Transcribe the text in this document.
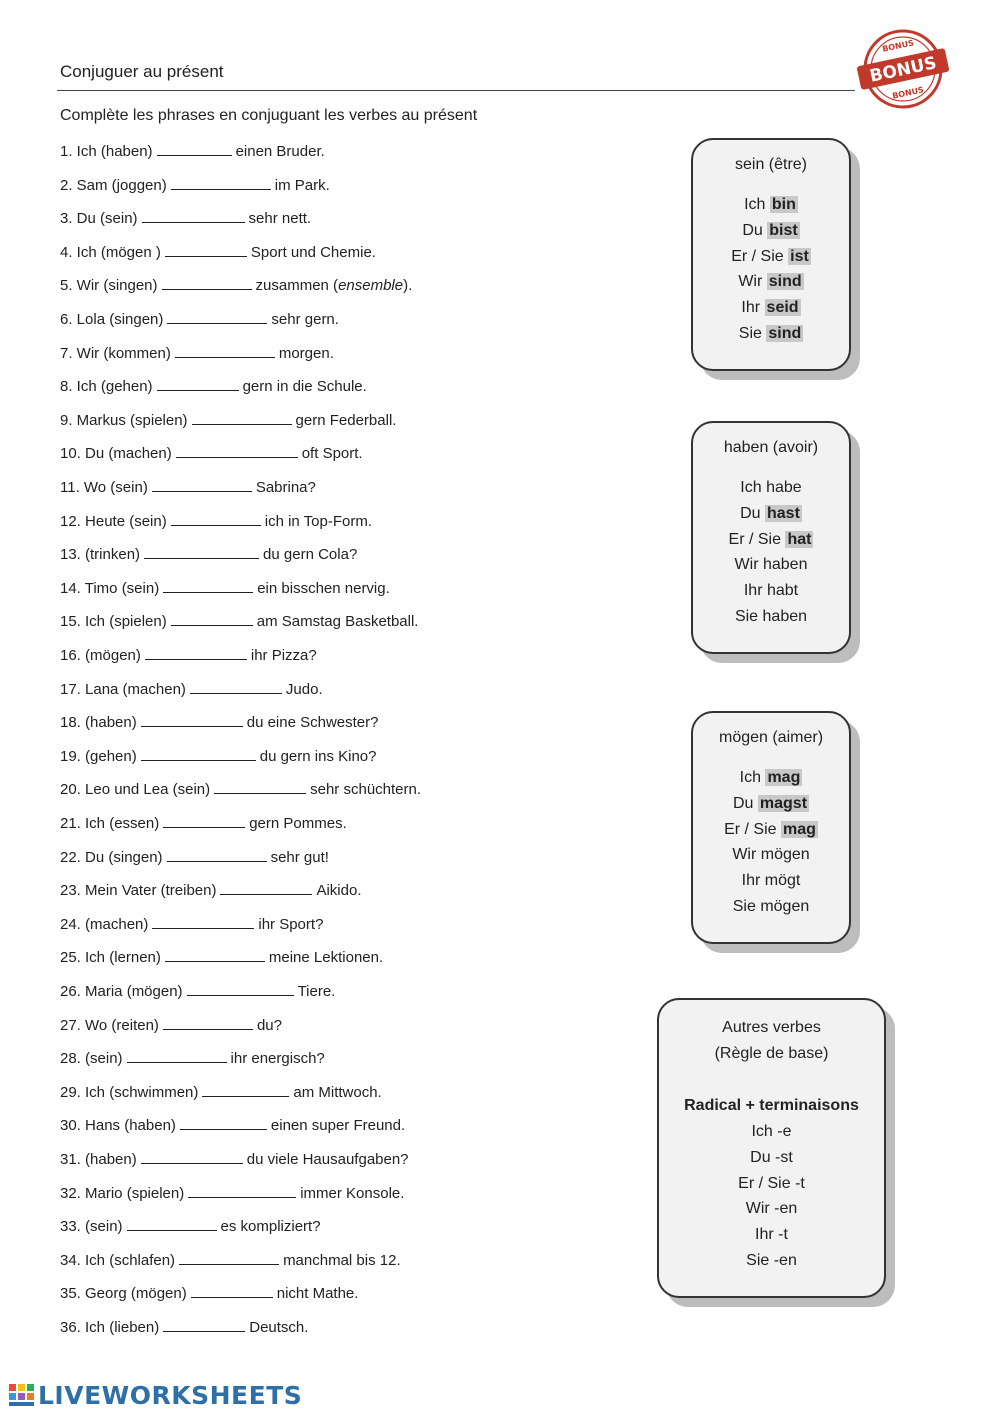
Conjuguer au présent
Complète les phrases en conjuguant les verbes au présent
BONUS
BONUS
BONUS
1. Ich (haben)	einen Bruder.
2. Sam (joggen)	im Park.
3. Du (sein)	sehr nett.
4. Ich (mögen )	Sport und Chemie.
5. Wir (singen)	zusammen (ensemble).
6. Lola (singen)	sehr gern.
7. Wir (kommen)	morgen.
8. Ich (gehen)	gern in die Schule.
9. Markus (spielen)	gern Federball.
10. Du (machen)	oft Sport.
11. Wo (sein)	Sabrina?
12. Heute (sein)	ich in Top-Form.
13. (trinken)	du gern Cola?
14. Timo (sein)	ein bisschen nervig.
15. Ich (spielen)	am Samstag Basketball.
16. (mögen)	ihr Pizza?
17. Lana (machen)	Judo.
18. (haben)	du eine Schwester?
19. (gehen)	du gern ins Kino?
20. Leo und Lea (sein)	sehr schüchtern.
21. Ich (essen)	gern Pommes.
22. Du (singen)	sehr gut!
23. Mein Vater (treiben)	Aikido.
24. (machen)	ihr Sport?
25. Ich (lernen)	meine Lektionen.
26. Maria (mögen)	Tiere.
27. Wo (reiten)	du?
28. (sein)	ihr energisch?
29. Ich (schwimmen)	am Mittwoch.
30. Hans (haben)	einen super Freund.
31. (haben)	du viele Hausaufgaben?
32. Mario (spielen)	immer Konsole.
33. (sein)	es kompliziert?
34. Ich (schlafen)	manchmal bis 12.
35. Georg (mögen)	nicht Mathe.
36. Ich (lieben)	Deutsch.
sein (être)
Ich bin
Du bist
Er / Sie ist
Wir sind
Ihr seid
Sie sind
haben (avoir)
Ich habe
Du hast
Er / Sie hat
Wir haben
Ihr habt
Sie haben
mögen (aimer)
Ich mag
Du magst
Er / Sie mag
Wir mögen
Ihr mögt
Sie mögen
Autres verbes
(Règle de base)
Radical + terminaisons
Ich -e
Du -st
Er / Sie -t
Wir -en
Ihr -t
Sie -en
LIVEWORKSHEETS
